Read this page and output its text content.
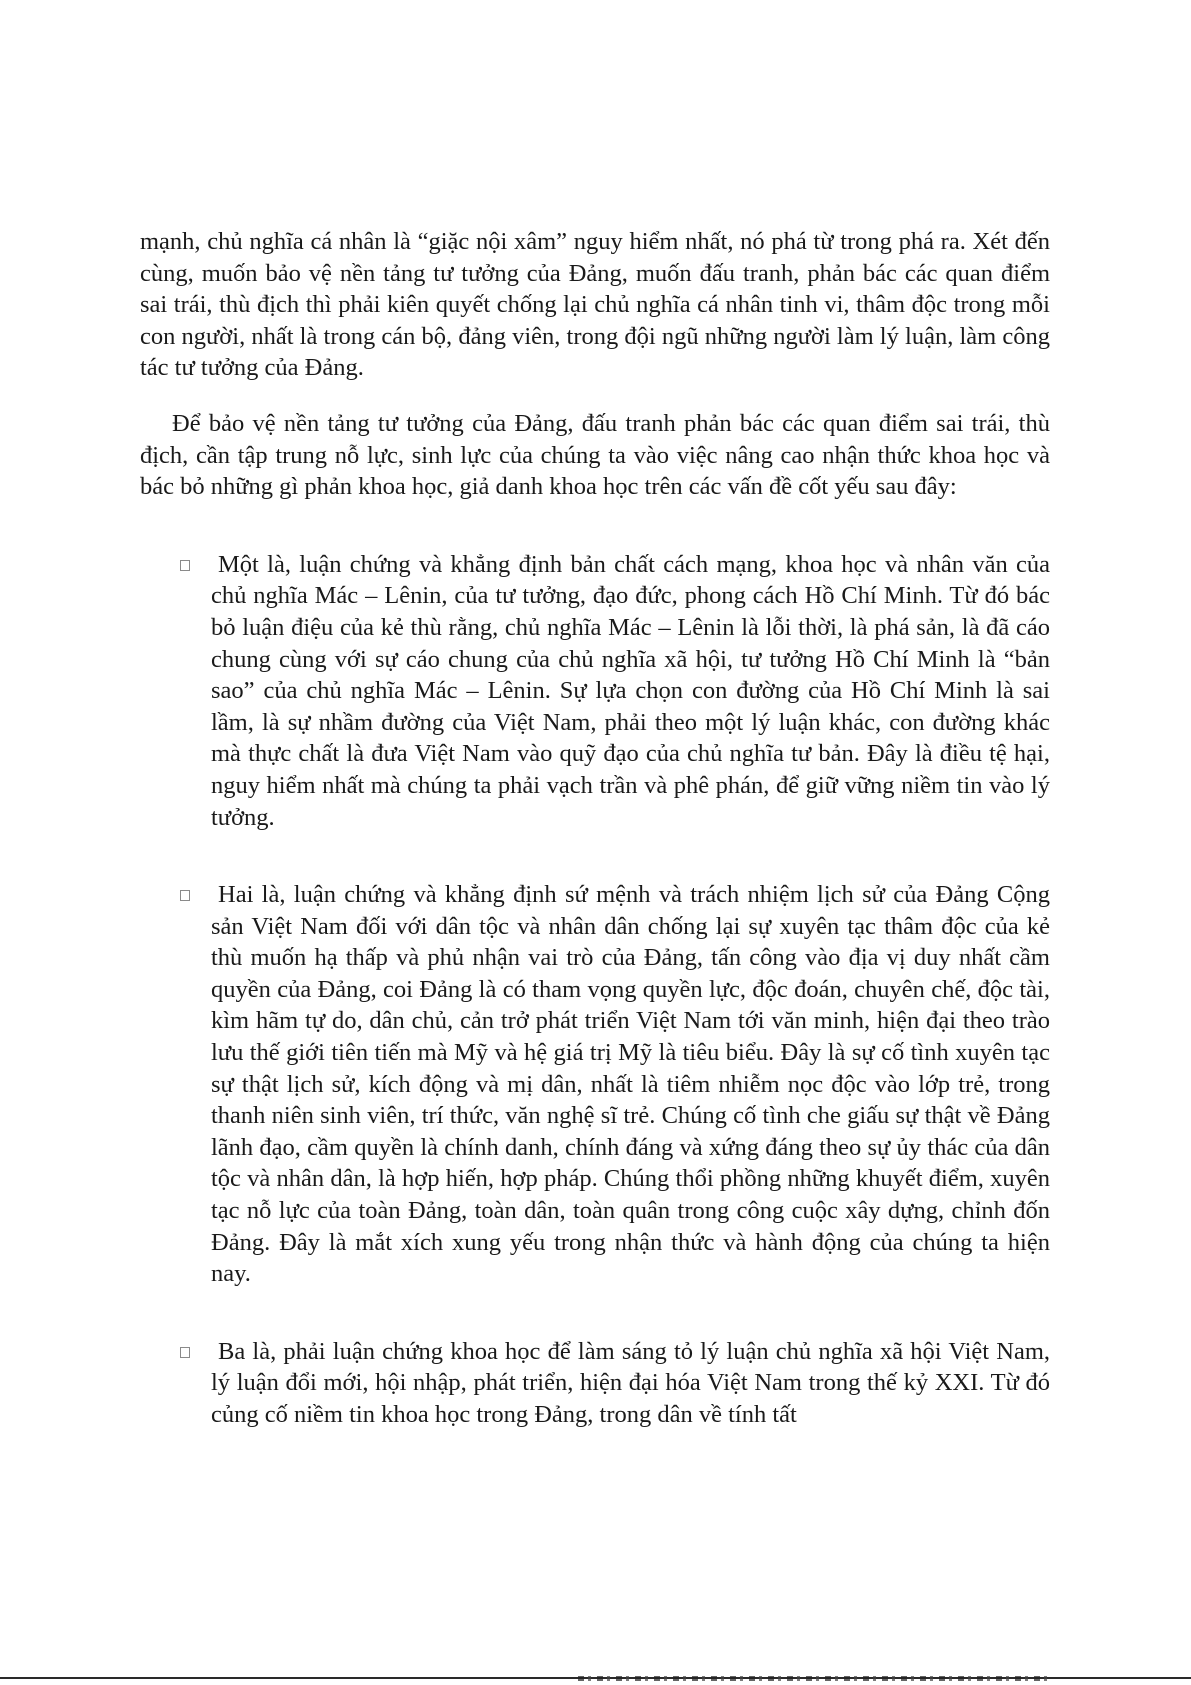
mạnh, chủ nghĩa cá nhân là “giặc nội xâm” nguy hiểm nhất, nó phá từ trong phá ra. Xét đến cùng, muốn bảo vệ nền tảng tư tưởng của Đảng, muốn đấu tranh, phản bác các quan điểm sai trái, thù địch thì phải kiên quyết chống lại chủ nghĩa cá nhân tinh vi, thâm độc trong mỗi con người, nhất là trong cán bộ, đảng viên, trong đội ngũ những người làm lý luận, làm công tác tư tưởng của Đảng.

Để bảo vệ nền tảng tư tưởng của Đảng, đấu tranh phản bác các quan điểm sai trái, thù địch, cần tập trung nỗ lực, sinh lực của chúng ta vào việc nâng cao nhận thức khoa học và bác bỏ những gì phản khoa học, giả danh khoa học trên các vấn đề cốt yếu sau đây:

Một là, luận chứng và khẳng định bản chất cách mạng, khoa học và nhân văn của chủ nghĩa Mác – Lênin, của tư tưởng, đạo đức, phong cách Hồ Chí Minh. Từ đó bác bỏ luận điệu của kẻ thù rằng, chủ nghĩa Mác – Lênin là lỗi thời, là phá sản, là đã cáo chung cùng với sự cáo chung của chủ nghĩa xã hội, tư tưởng Hồ Chí Minh là “bản sao” của chủ nghĩa Mác – Lênin. Sự lựa chọn con đường của Hồ Chí Minh là sai lầm, là sự nhầm đường của Việt Nam, phải theo một lý luận khác, con đường khác mà thực chất là đưa Việt Nam vào quỹ đạo của chủ nghĩa tư bản. Đây là điều tệ hại, nguy hiểm nhất mà chúng ta phải vạch trần và phê phán, để giữ vững niềm tin vào lý tưởng.
Hai là, luận chứng và khẳng định sứ mệnh và trách nhiệm lịch sử của Đảng Cộng sản Việt Nam đối với dân tộc và nhân dân chống lại sự xuyên tạc thâm độc của kẻ thù muốn hạ thấp và phủ nhận vai trò của Đảng, tấn công vào địa vị duy nhất cầm quyền của Đảng, coi Đảng là có tham vọng quyền lực, độc đoán, chuyên chế, độc tài, kìm hãm tự do, dân chủ, cản trở phát triển Việt Nam tới văn minh, hiện đại theo trào lưu thế giới tiên tiến mà Mỹ và hệ giá trị Mỹ là tiêu biểu. Đây là sự cố tình xuyên tạc sự thật lịch sử, kích động và mị dân, nhất là tiêm nhiễm nọc độc vào lớp trẻ, trong thanh niên sinh viên, trí thức, văn nghệ sĩ trẻ. Chúng cố tình che giấu sự thật về Đảng lãnh đạo, cầm quyền là chính danh, chính đáng và xứng đáng theo sự ủy thác của dân tộc và nhân dân, là hợp hiến, hợp pháp. Chúng thổi phồng những khuyết điểm, xuyên tạc nỗ lực của toàn Đảng, toàn dân, toàn quân trong công cuộc xây dựng, chỉnh đốn Đảng. Đây là mắt xích xung yếu trong nhận thức và hành động của chúng ta hiện nay.
Ba là, phải luận chứng khoa học để làm sáng tỏ lý luận chủ nghĩa xã hội Việt Nam, lý luận đổi mới, hội nhập, phát triển, hiện đại hóa Việt Nam trong thế kỷ XXI. Từ đó củng cố niềm tin khoa học trong Đảng, trong dân về tính tất
